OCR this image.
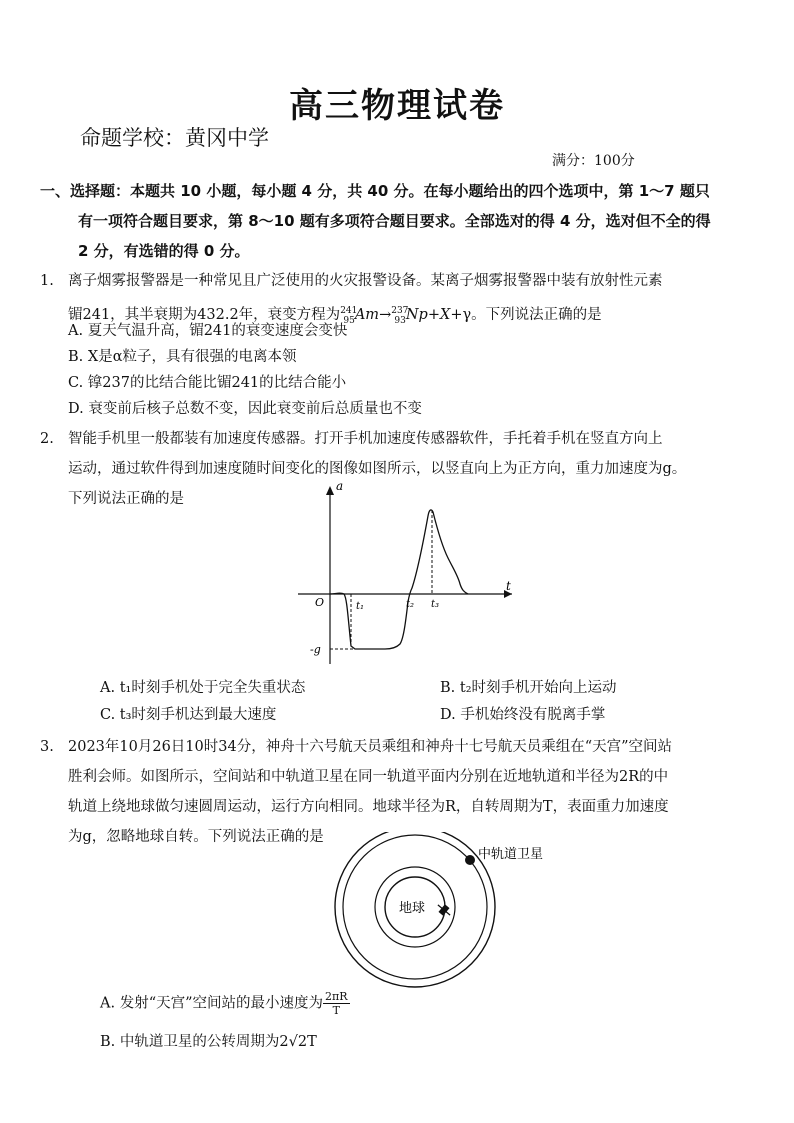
高三物理试卷
命题学校：黄冈中学
满分：100分
一、选择题：本题共 10 小题，每小题 4 分，共 40 分。在每小题给出的四个选项中，第 1～7 题只
有一项符合题目要求，第 8～10 题有多项符合题目要求。全部选对的得 4 分，选对但不全的得
2 分，有选错的得 0 分。
1. 离子烟雾报警器是一种常见且广泛使用的火灾报警设备。某离子烟雾报警器中装有放射性元素
镅241，其半衰期为432.2年，衰变方程为$^{241}_{95}$Am→$^{237}_{93}$Np+X+γ。下列说法正确的是
A. 夏天气温升高，镅241的衰变速度会变快
B. X是α粒子，具有很强的电离本领
C. 镎237的比结合能比镅241的比结合能小
D. 衰变前后核子总数不变，因此衰变前后总质量也不变
2. 智能手机里一般都装有加速度传感器。打开手机加速度传感器软件，手托着手机在竖直方向上
运动，通过软件得到加速度随时间变化的图像如图所示，以竖直向上为正方向，重力加速度为g。
下列说法正确的是
a
t
O
-g
t₁	t₂ t₃
A. t₁时刻手机处于完全失重状态	B. t₂时刻手机开始向上运动
C. t₃时刻手机达到最大速度	D. 手机始终没有脱离手掌
3. 2023年10月26日10时34分，神舟十六号航天员乘组和神舟十七号航天员乘组在“天宫”空间站
胜利会师。如图所示，空间站和中轨道卫星在同一轨道平面内分别在近地轨道和半径为2R的中
轨道上绕地球做匀速圆周运动，运行方向相同。地球半径为R，自转周期为T，表面重力加速度
为g，忽略地球自转。下列说法正确的是
地球
中轨道卫星
A. 发射“天宫”空间站的最小速度为 $\frac{2\pi R}{T}$
B. 中轨道卫星的公转周期为2√2T
